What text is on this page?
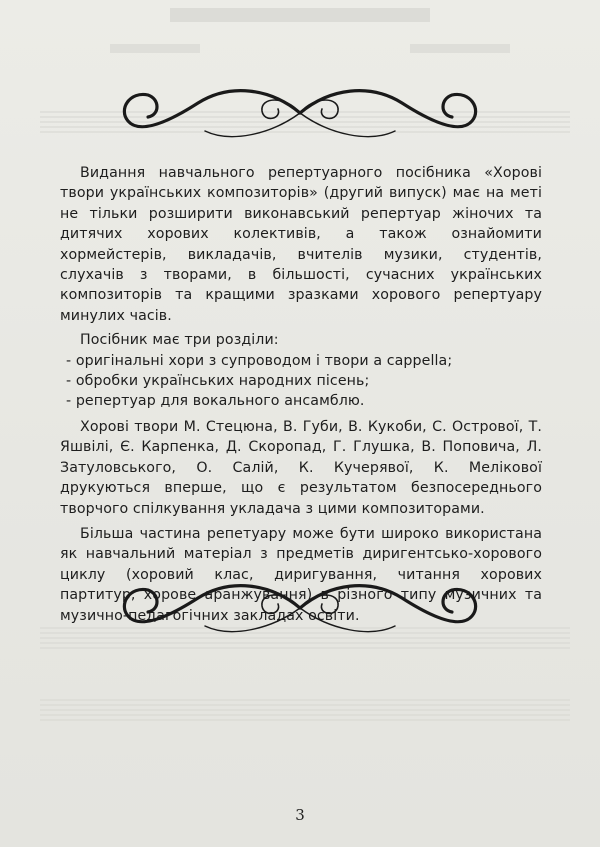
Видання навчального репертуарного посібника «Хорові твори українських композиторів» (другий випуск) має на меті не тільки розширити виконавський репертуар жіночих та дитячих хорових колективів, а також ознайомити хормейстерів, викладачів, вчителів музики, студентів, слухачів з творами, в більшості, сучасних українських композиторів та кращими зразками хорового репертуару минулих часів.

Посібник має три розділи:

- оригінальні хори з супроводом і твори a cappella;
- обробки українських народних пісень;
- репертуар для вокального ансамблю.

Хорові твори М. Стецюна, В. Губи, В. Кукоби, С. Острової, Т. Яшвілі, Є. Карпенка, Д. Скоропад, Г. Глушка, В. Поповича, Л. Затуловського, О. Салій, К. Кучерявої, К. Мелікової друкуються вперше, що є результатом безпосереднього творчого спілкування укладача з цими композиторами.

Більша частина репетуару може бути широко використана як навчальний матеріал з предметів диригентсько-хорового циклу (хоровий клас, диригування, читання хорових партитур, хорове аранжування) в різного типу музичних та музично-педагогічних закладах освіти.

3
